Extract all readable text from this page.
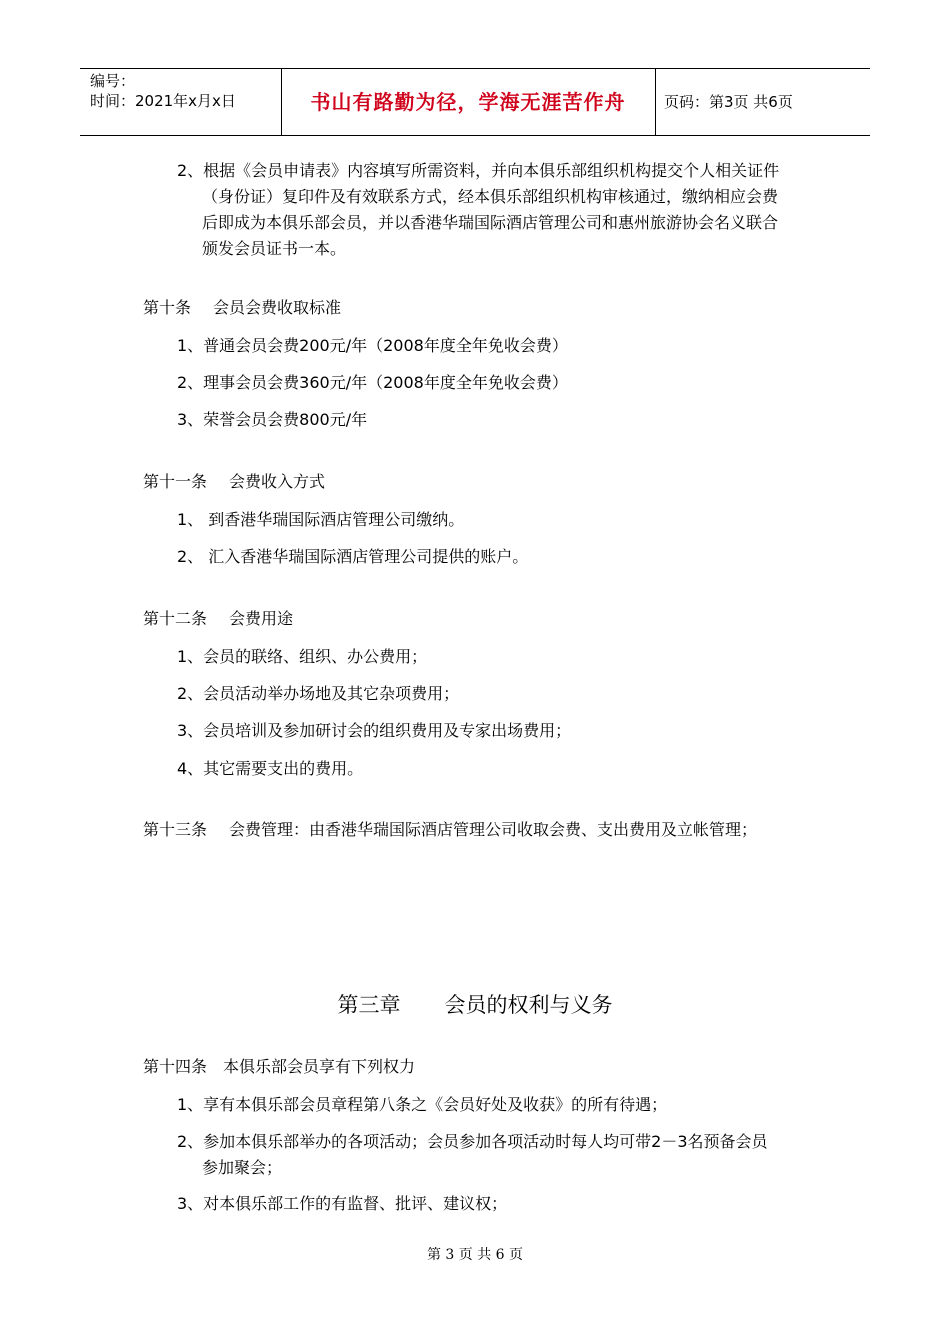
编号：
时间：2021年x月x日	书山有路勤为径，学海无涯苦作舟	页码：第3页 共6页
2、根据《会员申请表》内容填写所需资料，并向本俱乐部组织机构提交个人相关证件
（身份证）复印件及有效联系方式，经本俱乐部组织机构审核通过，缴纳相应会费
后即成为本俱乐部会员，并以香港华瑞国际酒店管理公司和惠州旅游协会名义联合
颁发会员证书一本。
第十条 会员会费收取标准
1、普通会员会费200元/年（2008年度全年免收会费）
2、理事会员会费360元/年（2008年度全年免收会费）
3、荣誉会员会费800元/年
第十一条 会费收入方式
1、 到香港华瑞国际酒店管理公司缴纳。
2、 汇入香港华瑞国际酒店管理公司提供的账户。
第十二条 会费用途
1、会员的联络、组织、办公费用；
2、会员活动举办场地及其它杂项费用；
3、会员培训及参加研讨会的组织费用及专家出场费用；
4、其它需要支出的费用。
第十三条 会费管理：由香港华瑞国际酒店管理公司收取会费、支出费用及立帐管理；
第三章 会员的权利与义务
第十四条 本俱乐部会员享有下列权力
1、享有本俱乐部会员章程第八条之《会员好处及收获》的所有待遇；
2、参加本俱乐部举办的各项活动；会员参加各项活动时每人均可带2－3名预备会员
参加聚会；
3、对本俱乐部工作的有监督、批评、建议权；
第 3 页 共 6 页
